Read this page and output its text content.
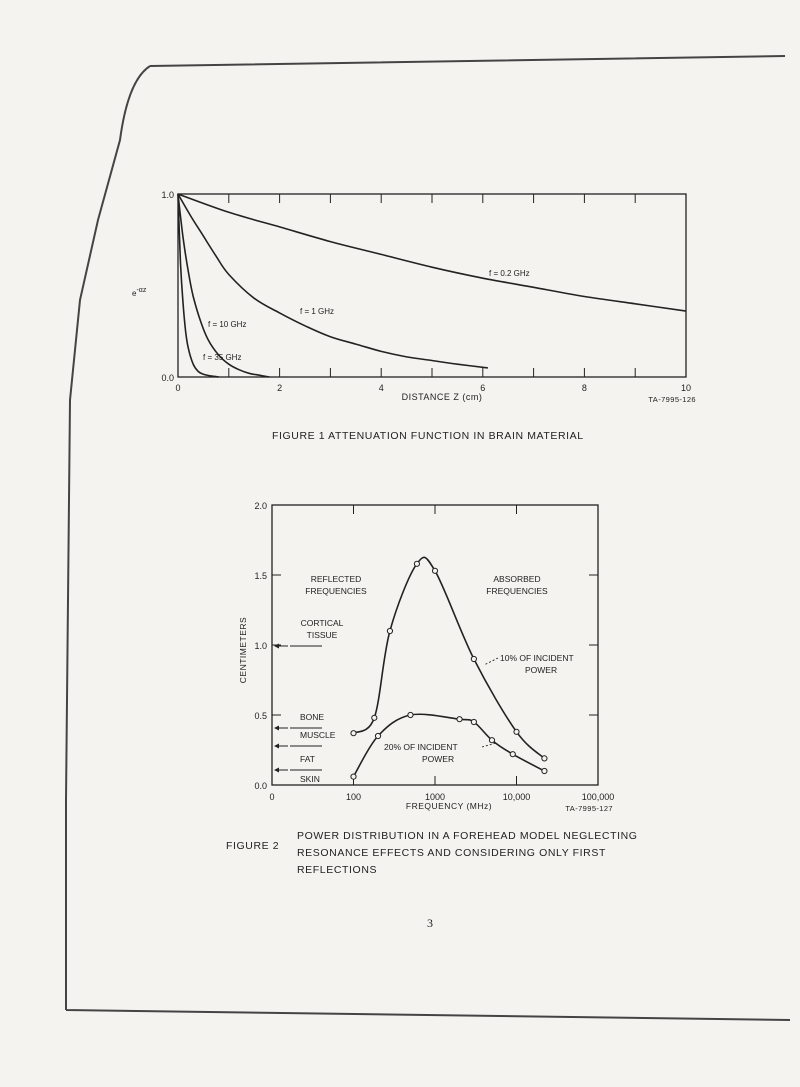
0	2	4	6	8	10
0.0
1.0
e-αz
DISTANCE Z (cm)	TA-7995-126
f = 0.2 GHz
f = 1 GHz
f = 10 GHz
f = 35 GHz
0	100	1000	10,000	100,000
0.0
0.5
1.0
1.5
2.0
FREQUENCY (MHz)
CENTIMETERS
TA-7995-127
REFLECTED
FREQUENCIES
ABSORBED
FREQUENCIES
CORTICAL
TISSUE
10% OF INCIDENT
POWER
20% OF INCIDENT
POWER
BONE
MUSCLE
FAT
SKIN
FIGURE 1 ATTENUATION FUNCTION IN BRAIN MATERIAL
FIGURE 2
POWER DISTRIBUTION IN A FOREHEAD MODEL NEGLECTING
RESONANCE EFFECTS AND CONSIDERING ONLY FIRST
REFLECTIONS
3
